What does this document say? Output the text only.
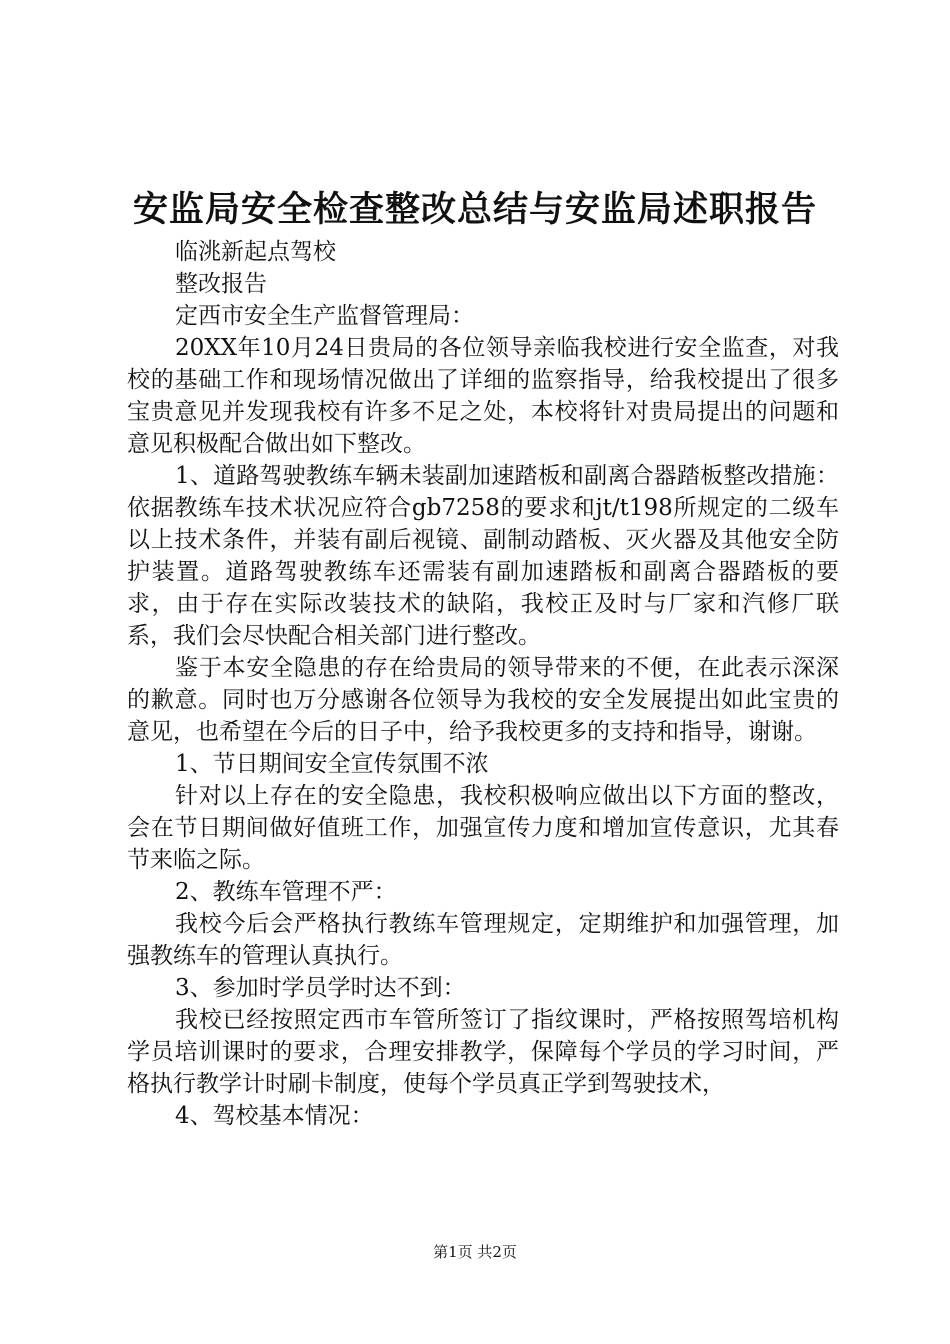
安监局安全检查整改总结与安监局述职报告

临洮新起点驾校

整改报告

定西市安全生产监督管理局：

20XX年10月24日贵局的各位领导亲临我校进行安全监查，对我校的基础工作和现场情况做出了详细的监察指导，给我校提出了很多宝贵意见并发现我校有许多不足之处，本校将针对贵局提出的问题和意见积极配合做出如下整改。

1、道路驾驶教练车辆未装副加速踏板和副离合器踏板整改措施：依据教练车技术状况应符合gb7258的要求和jt/t198所规定的二级车以上技术条件，并装有副后视镜、副制动踏板、灭火器及其他安全防护装置。道路驾驶教练车还需装有副加速踏板和副离合器踏板的要求，由于存在实际改装技术的缺陷，我校正及时与厂家和汽修厂联系，我们会尽快配合相关部门进行整改。

鉴于本安全隐患的存在给贵局的领导带来的不便，在此表示深深的歉意。同时也万分感谢各位领导为我校的安全发展提出如此宝贵的意见，也希望在今后的日子中，给予我校更多的支持和指导，谢谢。

1、节日期间安全宣传氛围不浓

针对以上存在的安全隐患，我校积极响应做出以下方面的整改，会在节日期间做好值班工作，加强宣传力度和增加宣传意识，尤其春节来临之际。

2、教练车管理不严：

我校今后会严格执行教练车管理规定，定期维护和加强管理，加强教练车的管理认真执行。

3、参加时学员学时达不到：

我校已经按照定西市车管所签订了指纹课时，严格按照驾培机构学员培训课时的要求，合理安排教学，保障每个学员的学习时间，严格执行教学计时刷卡制度，使每个学员真正学到驾驶技术，

4、驾校基本情况：

第1页 共2页
